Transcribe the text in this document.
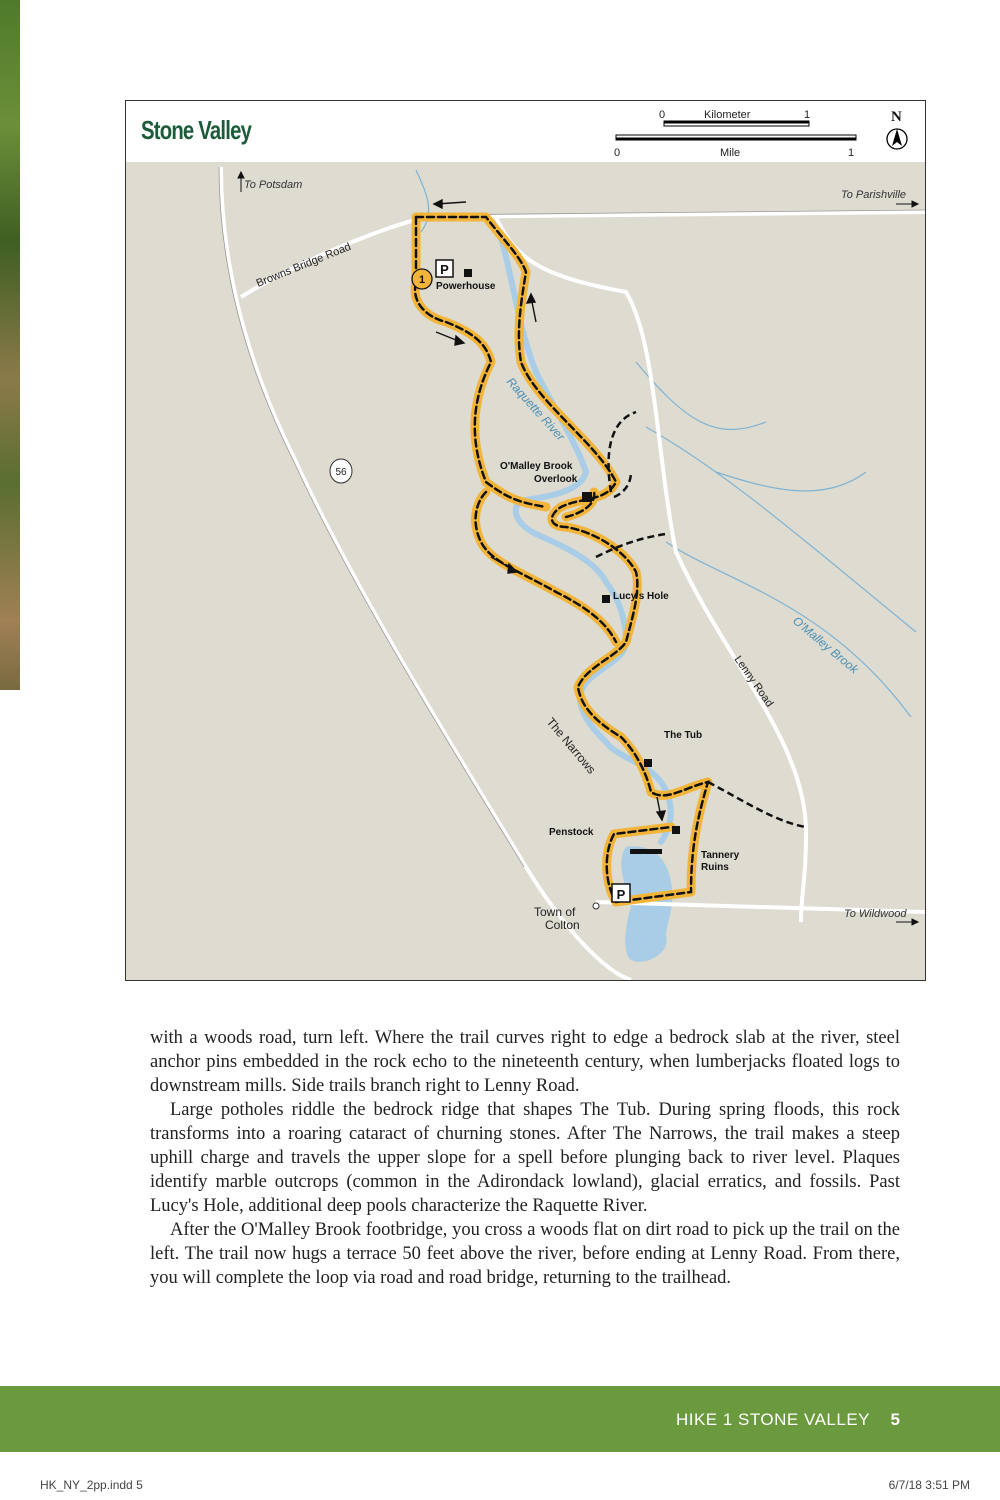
Stone Valley	0	Kilometer	1
0	Mile	1
N
56
1
P
P
To Potsdam
To Parishville
To Wildwood
Browns Bridge Road
Lenny Road
Raquette River
O'Malley Brook
Powerhouse
O'Malley Brook
Overlook
Lucy's Hole
The Narrows	The Tub
Penstock
Tannery
Ruins
Town of
Colton

with a woods road, turn left. Where the trail curves right to edge a bedrock slab at the river, steel anchor pins embedded in the rock echo to the nineteenth century, when lumberjacks floated logs to downstream mills. Side trails branch right to Lenny Road.

Large potholes riddle the bedrock ridge that shapes The Tub. During spring floods, this rock transforms into a roaring cataract of churning stones. After The Narrows, the trail makes a steep uphill charge and travels the upper slope for a spell before plunging back to river level. Plaques identify marble outcrops (common in the Adirondack lowland), glacial erratics, and fossils. Past Lucy's Hole, additional deep pools characterize the Raquette River.

After the O'Malley Brook footbridge, you cross a woods flat on dirt road to pick up the trail on the left. The trail now hugs a terrace 50 feet above the river, before ending at Lenny Road. From there, you will complete the loop via road and road bridge, returning to the trailhead.

HIKE 1 STONE VALLEY 5
HK_NY_2pp.indd 5	6/7/18 3:51 PM
